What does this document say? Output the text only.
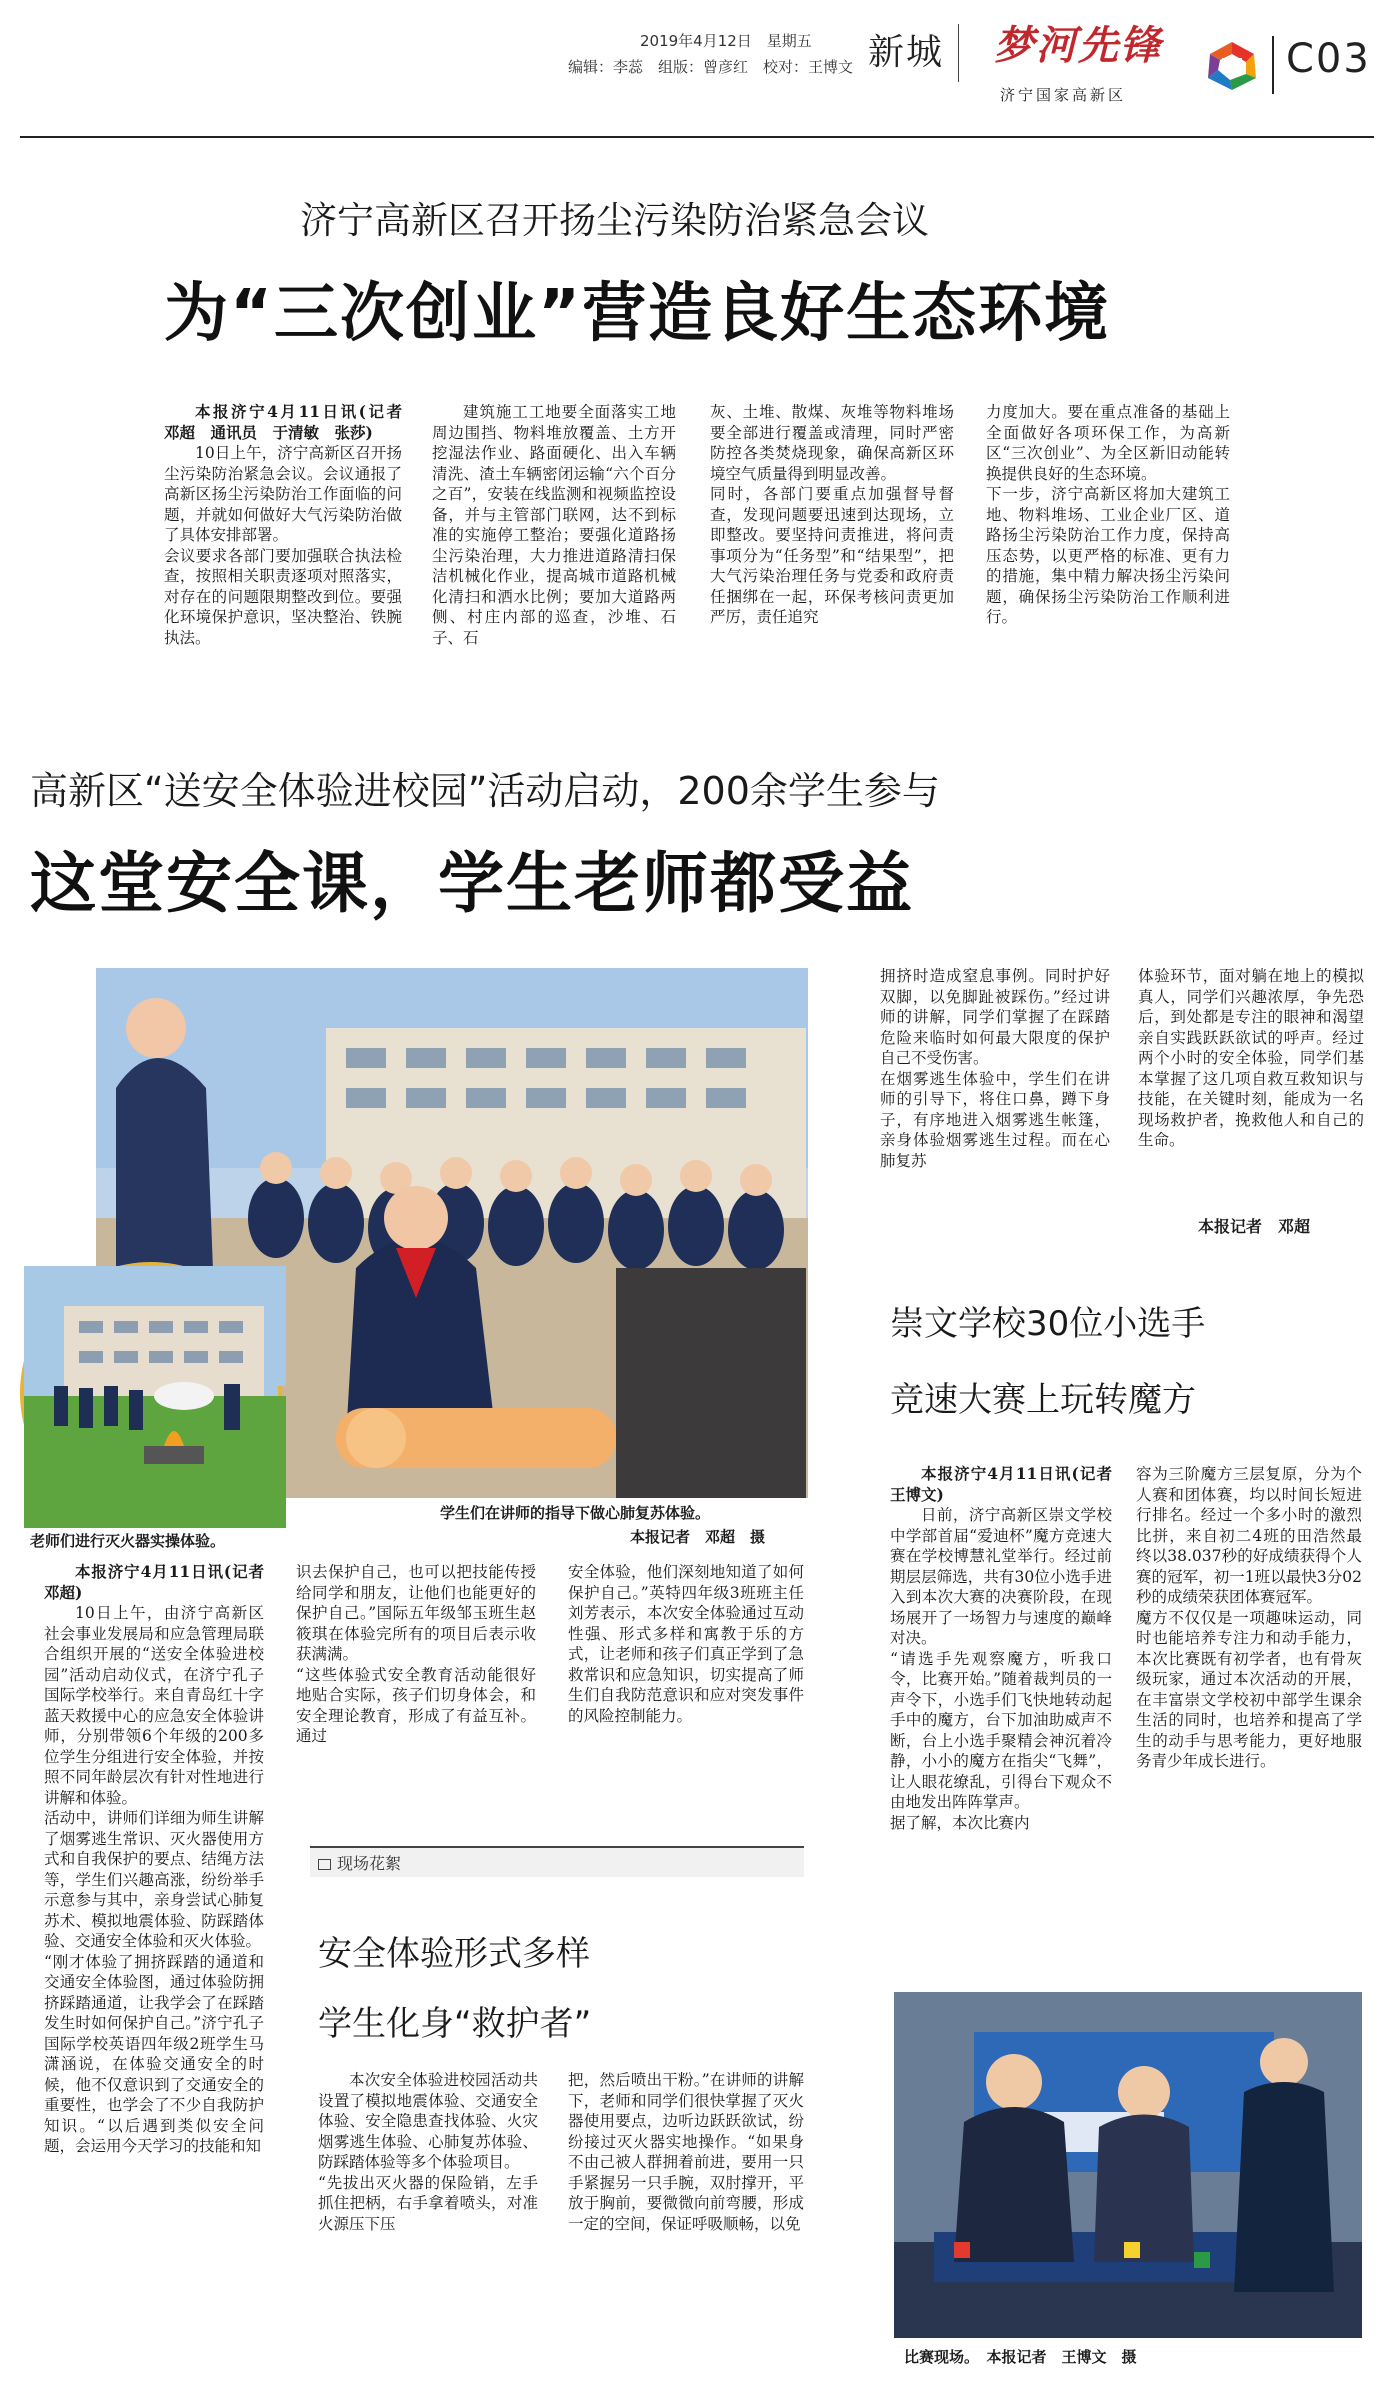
2019年4月12日　星期五
编辑：李蕊　组版：曾彦红　校对：王博文 新城 梦河先锋
济宁国家高新区
C03
济宁高新区召开扬尘污染防治紧急会议
为“三次创业”营造良好生态环境

本报济宁4月11日讯(记者　邓超　通讯员　于清敏　张莎)

10日上午，济宁高新区召开扬尘污染防治紧急会议。会议通报了高新区扬尘污染防治工作面临的问题，并就如何做好大气污染防治做了具体安排部署。
会议要求各部门要加强联合执法检查，按照相关职责逐项对照落实，对存在的问题限期整改到位。要强化环境保护意识，坚决整治、铁腕执法。

建筑施工工地要全面落实工地周边围挡、物料堆放覆盖、土方开挖湿法作业、路面硬化、出入车辆清洗、渣土车辆密闭运输“六个百分之百”，安装在线监测和视频监控设备，并与主管部门联网，达不到标准的实施停工整治；要强化道路扬尘污染治理，大力推进道路清扫保洁机械化作业，提高城市道路机械化清扫和洒水比例；要加大道路两侧、村庄内部的巡查，沙堆、石子、石

灰、土堆、散煤、灰堆等物料堆场要全部进行覆盖或清理，同时严密防控各类焚烧现象，确保高新区环境空气质量得到明显改善。
同时，各部门要重点加强督导督查，发现问题要迅速到达现场，立即整改。要坚持问责推进，将问责事项分为“任务型”和“结果型”，把大气污染治理任务与党委和政府责任捆绑在一起，环保考核问责更加严厉，责任追究

力度加大。要在重点准备的基础上全面做好各项环保工作，为高新区“三次创业”、为全区新旧动能转换提供良好的生态环境。
下一步，济宁高新区将加大建筑工地、物料堆场、工业企业厂区、道路扬尘污染防治工作力度，保持高压态势，以更严格的标准、更有力的措施，集中精力解决扬尘污染问题，确保扬尘污染防治工作顺利进行。

高新区“送安全体验进校园”活动启动，200余学生参与
这堂安全课，学生老师都受益
老师们进行灭火器实操体验。
学生们在讲师的指导下做心肺复苏体验。
本报记者　邓超　摄

拥挤时造成窒息事例。同时护好双脚，以免脚趾被踩伤。”经过讲师的讲解，同学们掌握了在踩踏危险来临时如何最大限度的保护自己不受伤害。
在烟雾逃生体验中，学生们在讲师的引导下，将住口鼻，蹲下身子，有序地进入烟雾逃生帐篷，亲身体验烟雾逃生过程。而在心肺复苏

体验环节，面对躺在地上的模拟真人，同学们兴趣浓厚，争先恐后，到处都是专注的眼神和渴望亲自实践跃跃欲试的呼声。经过两个小时的安全体验，同学们基本掌握了这几项自救互救知识与技能，在关键时刻，能成为一名现场救护者，挽救他人和自己的生命。

本报记者　邓超

本报济宁4月11日讯(记者　邓超)

10日上午，由济宁高新区社会事业发展局和应急管理局联合组织开展的“送安全体验进校园”活动启动仪式，在济宁孔子国际学校举行。来自青岛红十字蓝天救援中心的应急安全体验讲师，分别带领6个年级的200多位学生分组进行安全体验，并按照不同年龄层次有针对性地进行讲解和体验。
活动中，讲师们详细为师生讲解了烟雾逃生常识、灭火器使用方式和自我保护的要点、结绳方法等，学生们兴趣高涨，纷纷举手示意参与其中，亲身尝试心肺复苏术、模拟地震体验、防踩踏体验、交通安全体验和灭火体验。
“刚才体验了拥挤踩踏的通道和交通安全体验图，通过体验防拥挤踩踏通道，让我学会了在踩踏发生时如何保护自己。”济宁孔子国际学校英语四年级2班学生马潇涵说，在体验交通安全的时候，他不仅意识到了交通安全的重要性，也学会了不少自我防护知识。“以后遇到类似安全问题，会运用今天学习的技能和知

识去保护自己，也可以把技能传授给同学和朋友，让他们也能更好的保护自己。”国际五年级邹玉班生赵筱琪在体验完所有的项目后表示收获满满。
“这些体验式安全教育活动能很好地贴合实际，孩子们切身体会，和安全理论教育，形成了有益互补。通过

安全体验，他们深刻地知道了如何保护自己。”英特四年级3班班主任刘芳表示，本次安全体验通过互动性强、形式多样和寓教于乐的方式，让老师和孩子们真正学到了急救常识和应急知识，切实提高了师生们自我防范意识和应对突发事件的风险控制能力。

现场花絮
安全体验形式多样
学生化身“救护者”

本次安全体验进校园活动共设置了模拟地震体验、交通安全体验、安全隐患查找体验、火灾烟雾逃生体验、心肺复苏体验、防踩踏体验等多个体验项目。
“先拔出灭火器的保险销，左手抓住把柄，右手拿着喷头，对准火源压下压

把，然后喷出干粉。”在讲师的讲解下，老师和同学们很快掌握了灭火器使用要点，边听边跃跃欲试，纷纷接过灭火器实地操作。“如果身不由己被人群拥着前进，要用一只手紧握另一只手腕，双肘撑开，平放于胸前，要微微向前弯腰，形成一定的空间，保证呼吸顺畅，以免

崇文学校30位小选手
竞速大赛上玩转魔方

本报济宁4月11日讯(记者　王博文)

日前，济宁高新区崇文学校中学部首届“爱迪杯”魔方竞速大赛在学校博慧礼堂举行。经过前期层层筛选，共有30位小选手进入到本次大赛的决赛阶段，在现场展开了一场智力与速度的巅峰对决。
“请选手先观察魔方，听我口令，比赛开始。”随着裁判员的一声令下，小选手们飞快地转动起手中的魔方，台下加油助威声不断，台上小选手聚精会神沉着冷静，小小的魔方在指尖“飞舞”，让人眼花缭乱，引得台下观众不由地发出阵阵掌声。
据了解，本次比赛内

容为三阶魔方三层复原，分为个人赛和团体赛，均以时间长短进行排名。经过一个多小时的激烈比拼，来自初二4班的田浩然最终以38.037秒的好成绩获得个人赛的冠军，初一1班以最快3分02秒的成绩荣获团体赛冠军。
魔方不仅仅是一项趣味运动，同时也能培养专注力和动手能力，本次比赛既有初学者，也有骨灰级玩家，通过本次活动的开展，在丰富崇文学校初中部学生课余生活的同时，也培养和提高了学生的动手与思考能力，更好地服务青少年成长进行。

比赛现场。　本报记者　王博文　摄
